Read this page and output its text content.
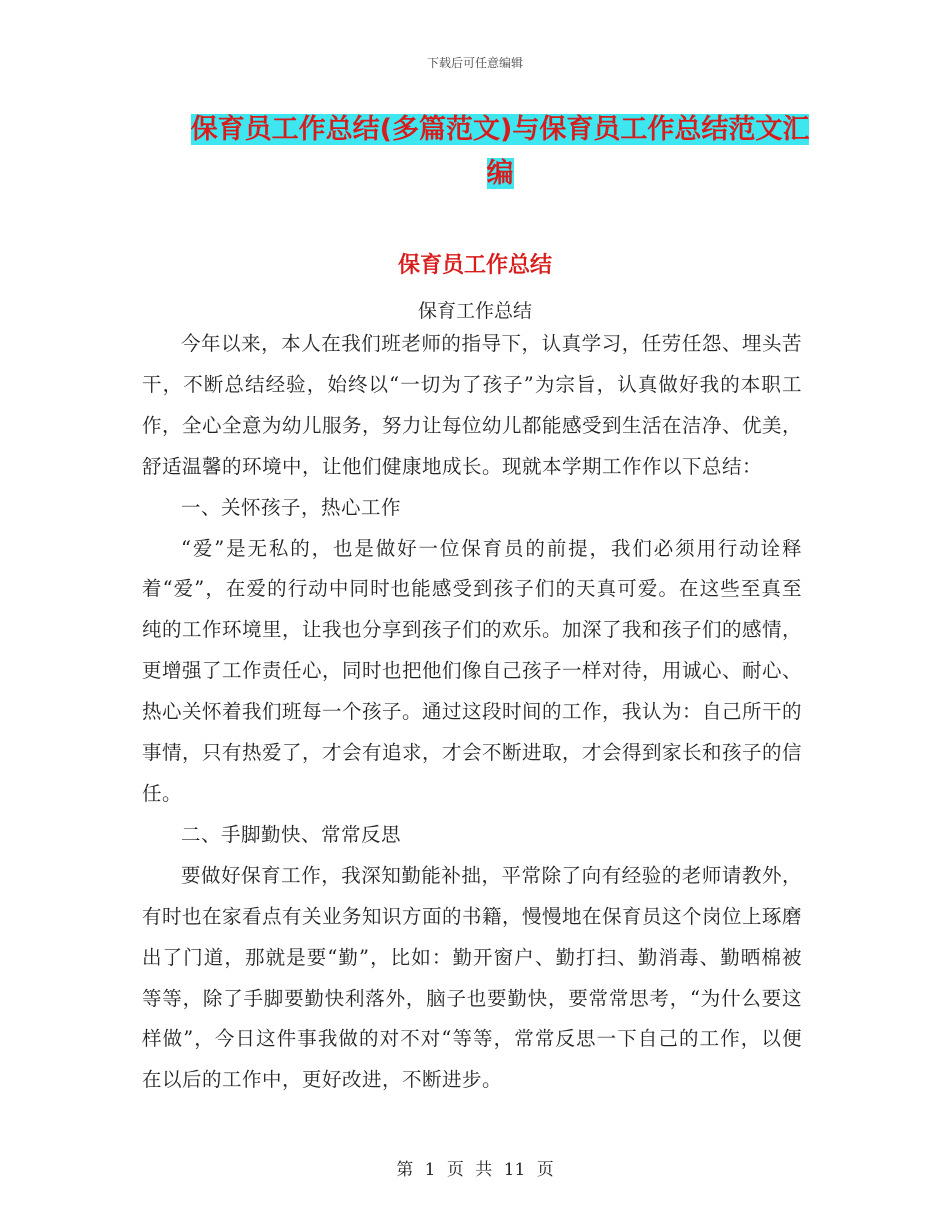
下载后可任意编辑
保育员工作总结(多篇范文)与保育员工作总结范文汇编
保育员工作总结
保育工作总结

今年以来，本人在我们班老师的指导下，认真学习，任劳任怨、埋头苦干，不断总结经验，始终以“一切为了孩子”为宗旨，认真做好我的本职工作，全心全意为幼儿服务，努力让每位幼儿都能感受到生活在洁净、优美，舒适温馨的环境中，让他们健康地成长。现就本学期工作作以下总结：

一、关怀孩子，热心工作

“爱”是无私的，也是做好一位保育员的前提，我们必须用行动诠释着“爱”，在爱的行动中同时也能感受到孩子们的天真可爱。在这些至真至纯的工作环境里，让我也分享到孩子们的欢乐。加深了我和孩子们的感情，更增强了工作责任心，同时也把他们像自己孩子一样对待，用诚心、耐心、热心关怀着我们班每一个孩子。通过这段时间的工作，我认为：自己所干的事情，只有热爱了，才会有追求，才会不断进取，才会得到家长和孩子的信任。

二、手脚勤快、常常反思

要做好保育工作，我深知勤能补拙，平常除了向有经验的老师请教外，有时也在家看点有关业务知识方面的书籍，慢慢地在保育员这个岗位上琢磨出了门道，那就是要“勤”，比如：勤开窗户、勤打扫、勤消毒、勤晒棉被等等，除了手脚要勤快利落外，脑子也要勤快，要常常思考，“为什么要这样做”，今日这件事我做的对不对“等等，常常反思一下自己的工作，以便在以后的工作中，更好改进，不断进步。

第 1 页 共 11 页
